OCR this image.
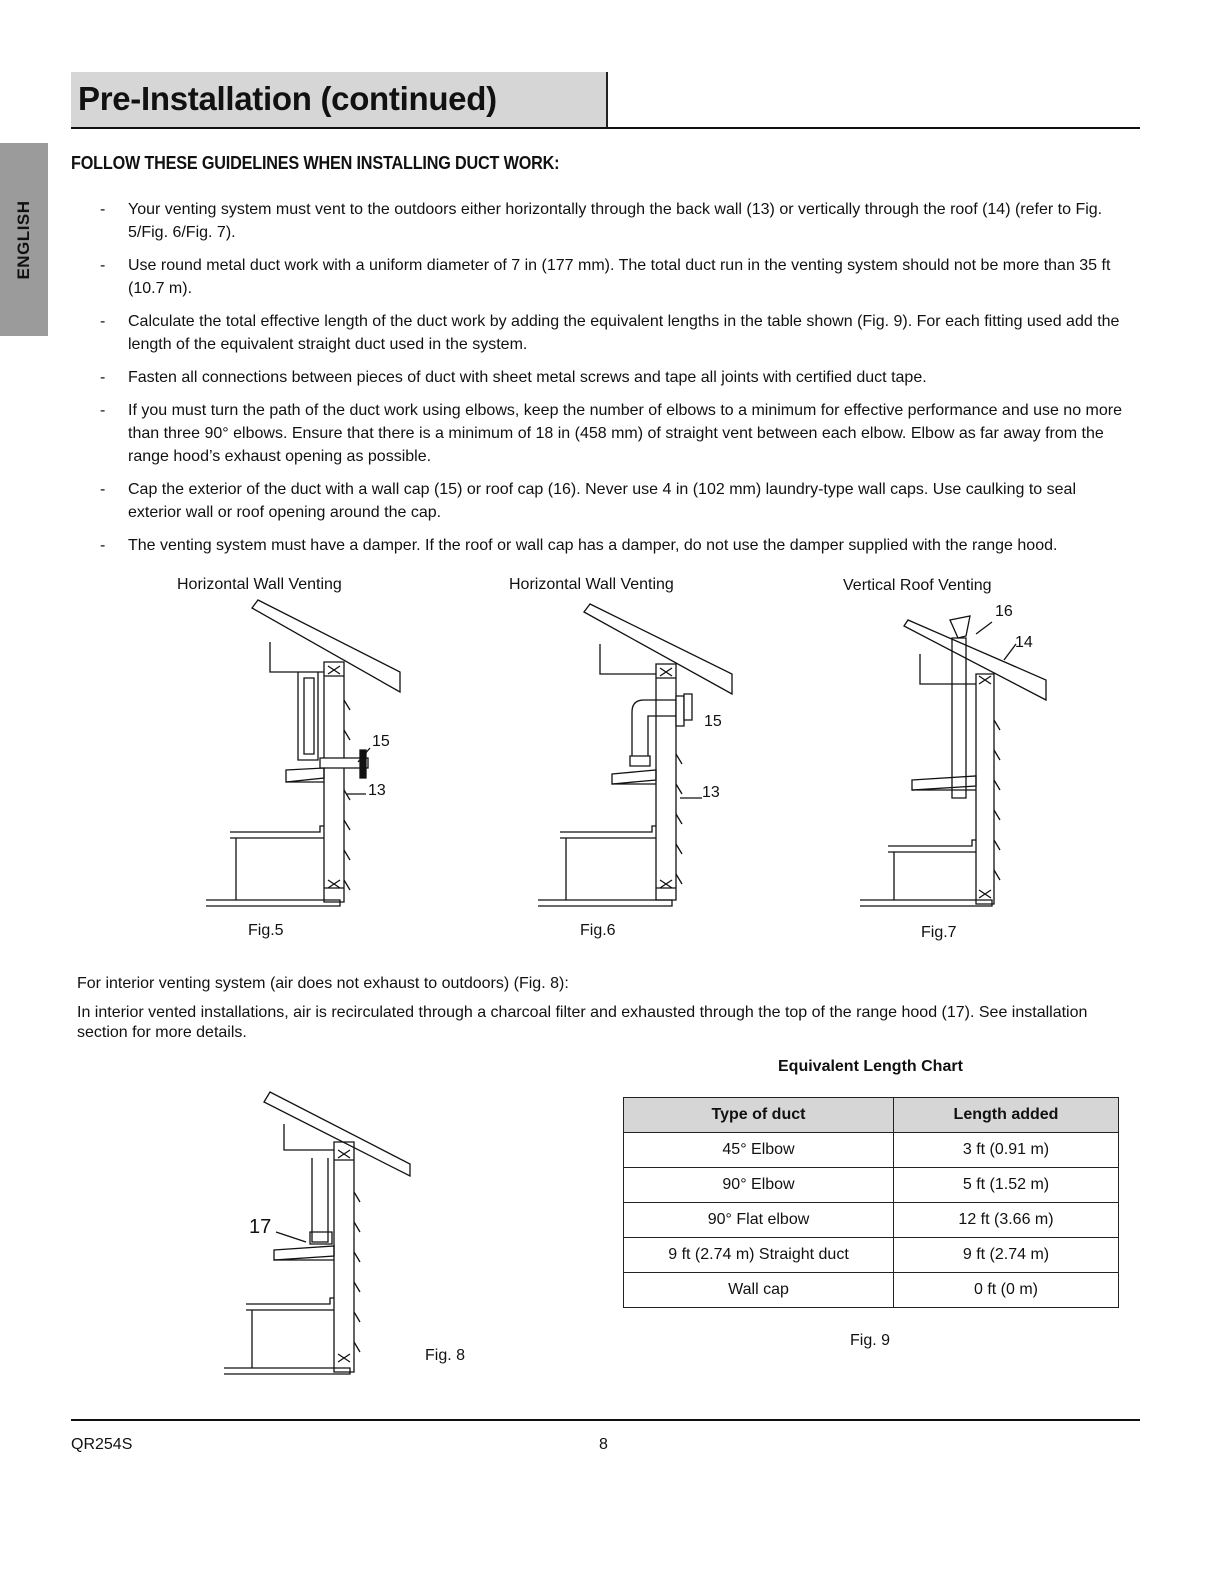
ENGLISH
Pre-Installation (continued)
FOLLOW THESE GUIDELINES WHEN INSTALLING DUCT WORK:
- Your venting system must vent to the outdoors either horizontally through the back wall (13) or vertically through the roof (14) (refer to Fig. 5/Fig. 6/Fig. 7).
- Use round metal duct work with a uniform diameter of 7 in (177 mm). The total duct run in the venting system should not be more than 35 ft (10.7 m).
- Calculate the total effective length of the duct work by adding the equivalent lengths in the table shown (Fig. 9). For each fitting used add the length of the equivalent straight duct used in the system.
- Fasten all connections between pieces of duct with sheet metal screws and tape all joints with certified duct tape.
- If you must turn the path of the duct work using elbows, keep the number of elbows to a minimum for effective performance and use no more than three 90° elbows. Ensure that there is a minimum of 18 in (458 mm) of straight vent between each elbow. Elbow as far away from the range hood’s exhaust opening as possible.
- Cap the exterior of the duct with a wall cap (15) or roof cap (16). Never use 4 in (102 mm) laundry-type wall caps. Use caulking to seal exterior wall or roof opening around the cap.
- The venting system must have a damper. If the roof or wall cap has a damper, do not use the damper supplied with the range hood.
Horizontal Wall Venting	Horizontal Wall Venting	Vertical Roof Venting
15
13
Fig.5
15
13
Fig.6
16
14
Fig.7
For interior venting system (air does not exhaust to outdoors) (Fig. 8):
In interior vented installations, air is recirculated through a charcoal filter and exhausted through the top of the range hood (17). See installation section for more details.
17
Fig. 8
Equivalent Length Chart
Type of duct	Length added
45° Elbow	3 ft (0.91 m)
90° Elbow	5 ft (1.52 m)
90° Flat elbow	12 ft (3.66 m)
9 ft (2.74 m) Straight duct	9 ft (2.74 m)
Wall cap	0 ft (0 m)
Fig. 9
QR254S	8
